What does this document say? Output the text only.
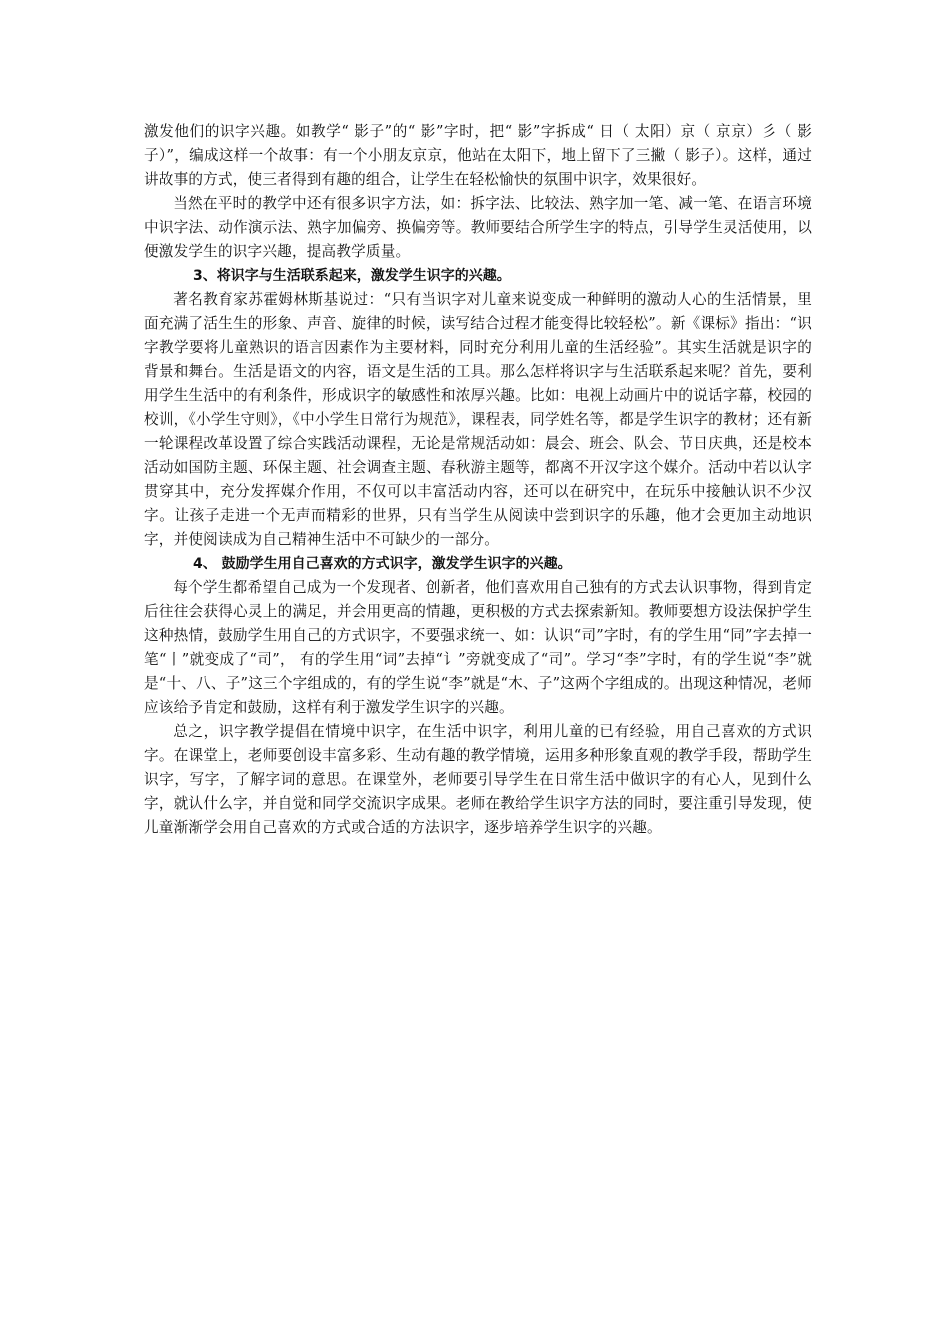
激发他们的识字兴趣。如教学“ 影子”的“ 影”字时，把“ 影”字拆成“ 日（ 太阳）京（ 京京）彡（ 影子）”，编成这样一个故事：有一个小朋友京京，他站在太阳下，地上留下了三撇（ 影子）。这样，通过讲故事的方式，使三者得到有趣的组合，让学生在轻松愉快的氛围中识字，效果很好。

当然在平时的教学中还有很多识字方法，如：拆字法、比较法、熟字加一笔、减一笔、在语言环境中识字法、动作演示法、熟字加偏旁、换偏旁等。教师要结合所学生字的特点，引导学生灵活使用，以便激发学生的识字兴趣，提高教学质量。

3、将识字与生活联系起来，激发学生识字的兴趣。

著名教育家苏霍姆林斯基说过：“只有当识字对儿童来说变成一种鲜明的激动人心的生活情景，里面充满了活生生的形象、声音、旋律的时候，读写结合过程才能变得比较轻松”。新《课标》指出：“识字教学要将儿童熟识的语言因素作为主要材料，同时充分利用儿童的生活经验”。其实生活就是识字的背景和舞台。生活是语文的内容，语文是生活的工具。那么怎样将识字与生活联系起来呢？首先，要利用学生生活中的有利条件，形成识字的敏感性和浓厚兴趣。比如：电视上动画片中的说话字幕，校园的校训，《小学生守则》，《中小学生日常行为规范》，课程表，同学姓名等，都是学生识字的教材；还有新一轮课程改革设置了综合实践活动课程，无论是常规活动如：晨会、班会、队会、节日庆典，还是校本活动如国防主题、环保主题、社会调查主题、春秋游主题等，都离不开汉字这个媒介。活动中若以认字贯穿其中，充分发挥媒介作用，不仅可以丰富活动内容，还可以在研究中，在玩乐中接触认识不少汉字。让孩子走进一个无声而精彩的世界，只有当学生从阅读中尝到识字的乐趣，他才会更加主动地识字，并使阅读成为自己精神生活中不可缺少的一部分。

4、 鼓励学生用自己喜欢的方式识字，激发学生识字的兴趣。

每个学生都希望自己成为一个发现者、创新者，他们喜欢用自己独有的方式去认识事物，得到肯定后往往会获得心灵上的满足，并会用更高的情趣，更积极的方式去探索新知。教师要想方设法保护学生这种热情，鼓励学生用自己的方式识字，不要强求统一、如：认识“司”字时，有的学生用“同”字去掉一笔“丨”就变成了“司”， 有的学生用“词”去掉“讠”旁就变成了“司”。学习“李”字时，有的学生说“李”就是“十、八、子”这三个字组成的，有的学生说“李”就是“木、子”这两个字组成的。出现这种情况，老师应该给予肯定和鼓励，这样有利于激发学生识字的兴趣。

总之，识字教学提倡在情境中识字，在生活中识字，利用儿童的已有经验，用自己喜欢的方式识字。在课堂上，老师要创设丰富多彩、生动有趣的教学情境，运用多种形象直观的教学手段，帮助学生识字，写字，了解字词的意思。在课堂外，老师要引导学生在日常生活中做识字的有心人，见到什么字，就认什么字，并自觉和同学交流识字成果。老师在教给学生识字方法的同时，要注重引导发现，使儿童渐渐学会用自己喜欢的方式或合适的方法识字，逐步培养学生识字的兴趣。
